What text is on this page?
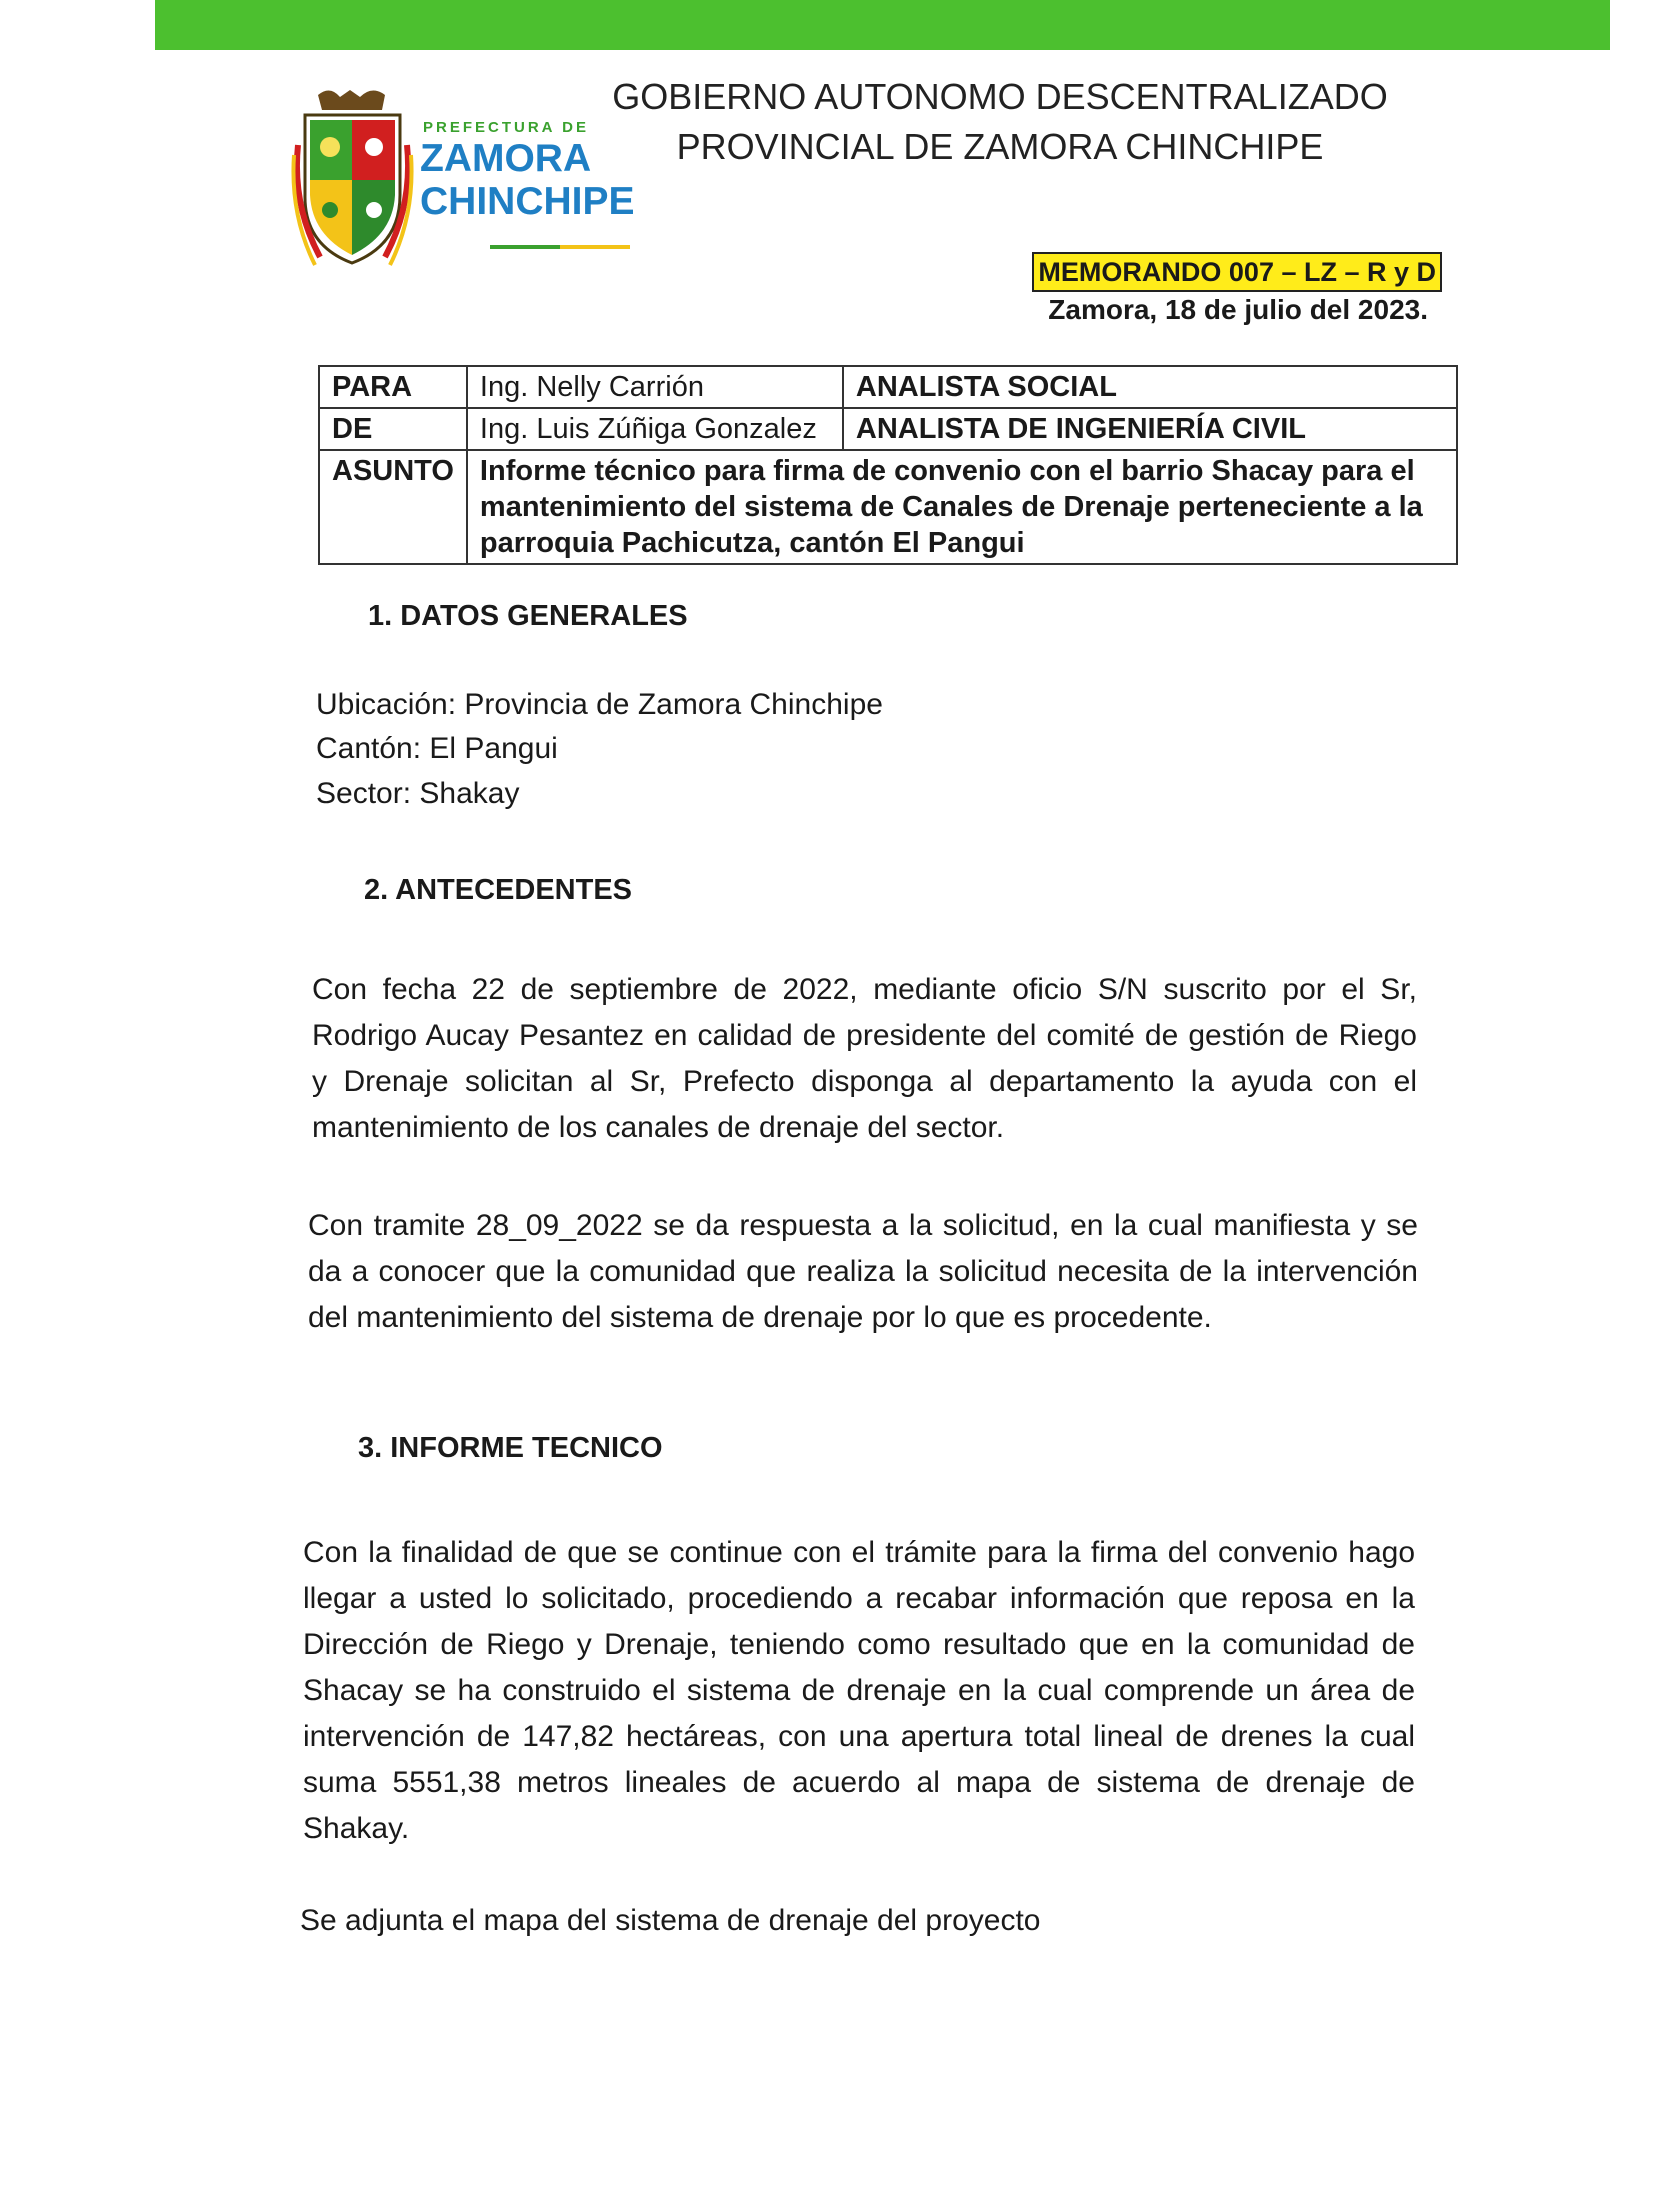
PREFECTURA DE
ZAMORA
CHINCHIPE
GOBIERNO AUTONOMO DESCENTRALIZADO
PROVINCIAL DE ZAMORA CHINCHIPE
MEMORANDO 007 – LZ – R y D
Zamora, 18 de julio del 2023.
PARA	Ing. Nelly Carrión	ANALISTA SOCIAL
DE	Ing. Luis Zúñiga Gonzalez	ANALISTA DE INGENIERÍA CIVIL
ASUNTO	Informe técnico para firma de convenio con el barrio Shacay para el mantenimiento del sistema de Canales de Drenaje perteneciente a la parroquia Pachicutza, cantón El Pangui	
1. DATOS GENERALES
Ubicación: Provincia de Zamora Chinchipe
Cantón: El Pangui
Sector: Shakay
2. ANTECEDENTES
Con fecha 22 de septiembre de 2022, mediante oficio S/N suscrito por el Sr, Rodrigo Aucay Pesantez en calidad de presidente del comité de gestión de Riego y Drenaje solicitan al Sr, Prefecto disponga al departamento la ayuda con el mantenimiento de los canales de drenaje del sector.
Con tramite 28_09_2022 se da respuesta a la solicitud, en la cual manifiesta y se da a conocer que la comunidad que realiza la solicitud necesita de la intervención del mantenimiento del sistema de drenaje por lo que es procedente.
3. INFORME TECNICO
Con la finalidad de que se continue con el trámite para la firma del convenio hago llegar a usted lo solicitado, procediendo a recabar información que reposa en la Dirección de Riego y Drenaje, teniendo como resultado que en la comunidad de Shacay se ha construido el sistema de drenaje en la cual comprende un área de intervención de 147,82 hectáreas, con una apertura total lineal de drenes la cual suma 5551,38 metros lineales de acuerdo al mapa de sistema de drenaje de Shakay.
Se adjunta el mapa del sistema de drenaje del proyecto
